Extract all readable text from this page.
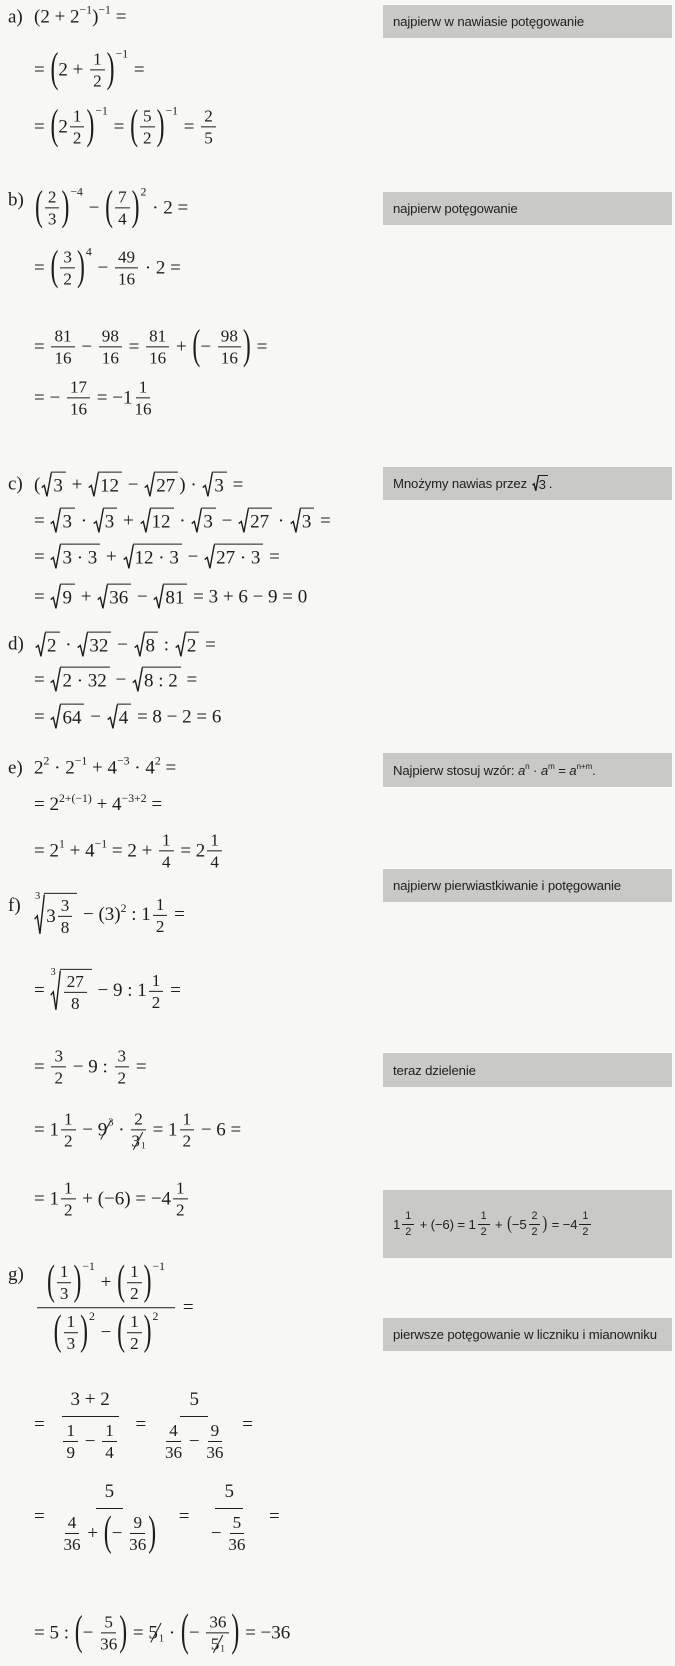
a) (2 + 2 −1 ) −1 =
= ( $2 + \frac{1}{2}$ ) −1
=
= ( $2 \frac{1}{2}$ ) −1
= ( $\frac{5}{2}$ ) −1
= $\frac{2}{5}$
b) ( $\frac{2}{3}$ ) −4
− ( $\frac{7}{4}$ ) 2
· 2 =
= ( $\frac{3}{2}$ ) 4
− $\frac{49}{16} \cdot 2$ =
= $\frac{81}{16} - \frac{98}{16} = \frac{81}{16}$ + ( − $\frac{98}{16}$ ) =
= − $\frac{17}{16} = -1 \frac{1}{16}$
c) ( 3 + 12 − 27 ) · 3 =
= 3 · 3 + 12 · 3 − 27 · 3 =
= 3 · 3 + 12 · 3 − 27 · 3 =
= 9 + 36 − 81 = 3 + 6 − 9 = 0
d)	2 · 32 − 8 : 2 =
= 2 · 32 − 8 : 2 =
= 64 − 4 = 8 − 2 = 6
e) 2 2 · 2 −1 + 4 −3 · 4 2 =
= 2 2+(−1) + 4 −3+2 =
= 2 $1 + 4 -1 = 2 + \frac{1}{4} = 2 \frac{1}{4}$
f)	3
$3 \frac{3}{8} - (3)$ 2 : $1 \frac{1}{2}$ =
=
$3 \frac{27}{8} - 9$ : $1 \frac{1}{2}$ =
= $\frac{3}{2} - 9$ : $\frac{3}{2}$ =
= $1 \frac{1}{2} - 9$ $3 \cdot \frac{2}{3 1} = 1 \frac{1}{2} - 6$ =
= $1 \frac{1}{2} + (-6) = -4 \frac{1}{2}$
g) ( $\frac{1}{3}$ ) −1
+ ( $\frac{1}{2}$ ) −1
( $\frac{1}{3}$ ) 2
− ( $\frac{1}{2}$ ) 2 =
= $\frac{3 + 2}{\frac{1}{9} - \frac{1}{4}} = \frac{5}{\frac{4}{36} - \frac{9}{36}}$ =
= $\frac{5}{\frac{4}{36} + ( - \frac{9}{36} )} = \frac{5}{- \frac{5}{36}}$ =
= 5 : ( − $\frac{5}{36}$ ) = 5 1 · ( − $\frac{36}{5 1}$ ) = −36
najpierw w nawiasie potęgowanie
najpierw potęgowanie
Mnożymy nawias przez 3 .
Najpierw stosuj wzór: a n · a m = a n+m .
najpierw pierwiastkiwanie i potęgowanie
teraz dzielenie
$1 \frac{1}{2} + (-6) = 1 \frac{1}{2}$ + ( $-5 \frac{2}{2}$ ) = $-4 \frac{1}{2}$
pierwsze potęgowanie w liczniku i mianowniku
